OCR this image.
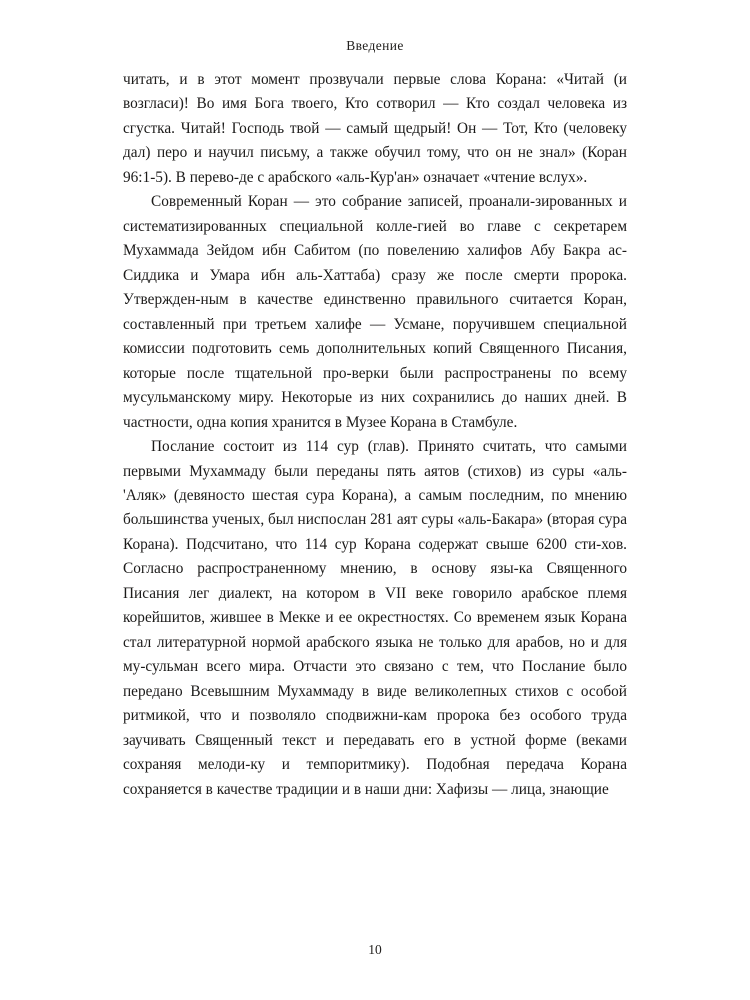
Введение

читать, и в этот момент прозвучали первые слова Корана: «Читай (и возгласи)! Во имя Бога твоего, Кто сотворил — Кто создал человека из сгустка. Читай! Господь твой — самый щедрый! Он — Тот, Кто (человеку дал) перо и научил письму, а также обучил тому, что он не знал» (Коран 96:1-5). В перево-де с арабского «аль-Кур'ан» означает «чтение вслух».

Современный Коран — это собрание записей, проанали-зированных и систематизированных специальной колле-гией во главе с секретарем Мухаммада Зейдом ибн Сабитом (по повелению халифов Абу Бакра ас-Сиддика и Умара ибн аль-Хаттаба) сразу же после смерти пророка. Утвержден-ным в качестве единственно правильного считается Коран, составленный при третьем халифе — Усмане, поручившем специальной комиссии подготовить семь дополнительных копий Священного Писания, которые после тщательной про-верки были распространены по всему мусульманскому миру. Некоторые из них сохранились до наших дней. В частности, одна копия хранится в Музее Корана в Стамбуле.

Послание состоит из 114 сур (глав). Принято считать, что самыми первыми Мухаммаду были переданы пять аятов (стихов) из суры «аль-'Аляк» (девяносто шестая сура Корана), а самым последним, по мнению большинства ученых, был ниспослан 281 аят суры «аль-Бакара» (вторая сура Корана). Подсчитано, что 114 сур Корана содержат свыше 6200 сти-хов. Согласно распространенному мнению, в основу язы-ка Священного Писания лег диалект, на котором в VII веке говорило арабское племя корейшитов, жившее в Мекке и ее окрестностях. Со временем язык Корана стал литературной нормой арабского языка не только для арабов, но и для му-сульман всего мира. Отчасти это связано с тем, что Послание было передано Всевышним Мухаммаду в виде великолепных стихов с особой ритмикой, что и позволяло сподвижни-кам пророка без особого труда заучивать Священный текст и передавать его в устной форме (веками сохраняя мелоди-ку и темпоритмику). Подобная передача Корана сохраняется в качестве традиции и в наши дни: Хафизы — лица, знающие

10
